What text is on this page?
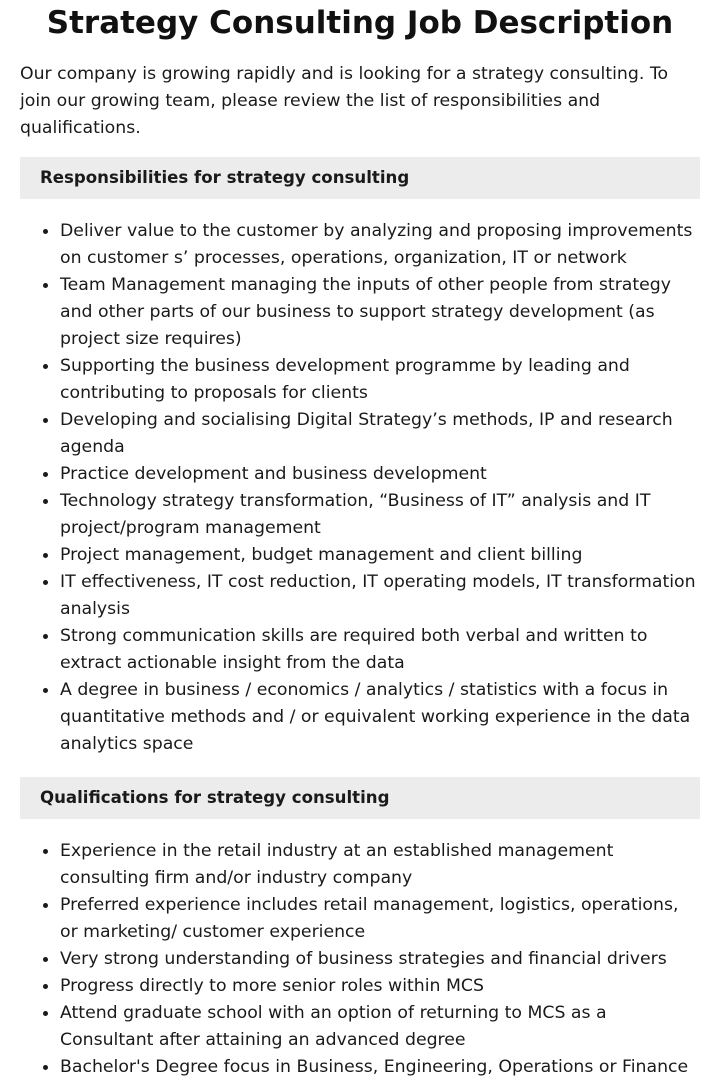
Strategy Consulting Job Description

Our company is growing rapidly and is looking for a strategy consulting. To join our growing team, please review the list of responsibilities and qualifications.

Responsibilities for strategy consulting
Deliver value to the customer by analyzing and proposing improvements on customer s’ processes, operations, organization, IT or network
Team Management managing the inputs of other people from strategy and other parts of our business to support strategy development (as project size requires)
Supporting the business development programme by leading and contributing to proposals for clients
Developing and socialising Digital Strategy’s methods, IP and research agenda
Practice development and business development
Technology strategy transformation, “Business of IT” analysis and IT project/program management
Project management, budget management and client billing
IT effectiveness, IT cost reduction, IT operating models, IT transformation analysis
Strong communication skills are required both verbal and written to extract actionable insight from the data
A degree in business / economics / analytics / statistics with a focus in quantitative methods and / or equivalent working experience in the data analytics space
Qualifications for strategy consulting
Experience in the retail industry at an established management consulting firm and/or industry company
Preferred experience includes retail management, logistics, operations, or marketing/ customer experience
Very strong understanding of business strategies and financial drivers
Progress directly to more senior roles within MCS
Attend graduate school with an option of returning to MCS as a Consultant after attaining an advanced degree
Bachelor's Degree focus in Business, Engineering, Operations or Finance
